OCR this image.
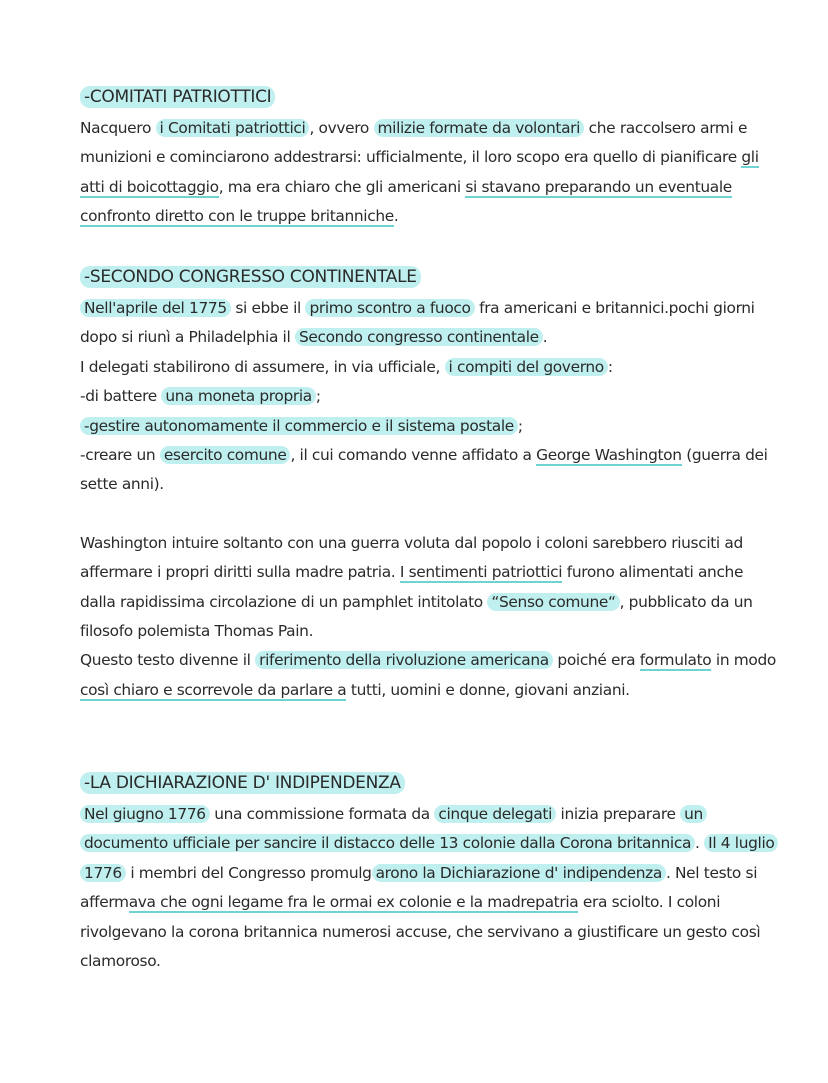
-COMITATI PATRIOTTICI

Nacquero i Comitati patriottici , ovvero milizie formate da volontari che raccolsero armi e munizioni e cominciarono addestrarsi: ufficialmente, il loro scopo era quello di pianificare gli atti di boicottaggio, ma era chiaro che gli americani si stavano preparando un eventuale confronto diretto con le truppe britanniche.

-SECONDO CONGRESSO CONTINENTALE

Nell'aprile del 1775 si ebbe il primo scontro a fuoco fra americani e britannici.pochi giorni dopo si riunì a Philadelphia il Secondo congresso continentale .

I delegati stabilirono di assumere, in via ufficiale, i compiti del governo :

-di battere una moneta propria ;

-gestire autonomamente il commercio e il sistema postale ;

-creare un esercito comune , il cui comando venne affidato a George Washington (guerra dei sette anni).

Washington intuire soltanto con una guerra voluta dal popolo i coloni sarebbero riusciti ad affermare i propri diritti sulla madre patria. I sentimenti patriottici furono alimentati anche dalla rapidissima circolazione di un pamphlet intitolato “Senso comune“ , pubblicato da un filosofo polemista Thomas Pain.

Questo testo divenne il riferimento della rivoluzione americana poiché era formulato in modo così chiaro e scorrevole da parlare a tutti, uomini e donne, giovani anziani.

-LA DICHIARAZIONE D' INDIPENDENZA

Nel giugno 1776 una commissione formata da cinque delegati inizia preparare un documento ufficiale per sancire il distacco delle 13 colonie dalla Corona britannica . Il 4 luglio 1776 i membri del Congresso promulg arono la Dichiarazione d' indipendenza . Nel testo si affermava che ogni legame fra le ormai ex colonie e la madrepatria era sciolto. I coloni rivolgevano la corona britannica numerosi accuse, che servivano a giustificare un gesto così clamoroso.
